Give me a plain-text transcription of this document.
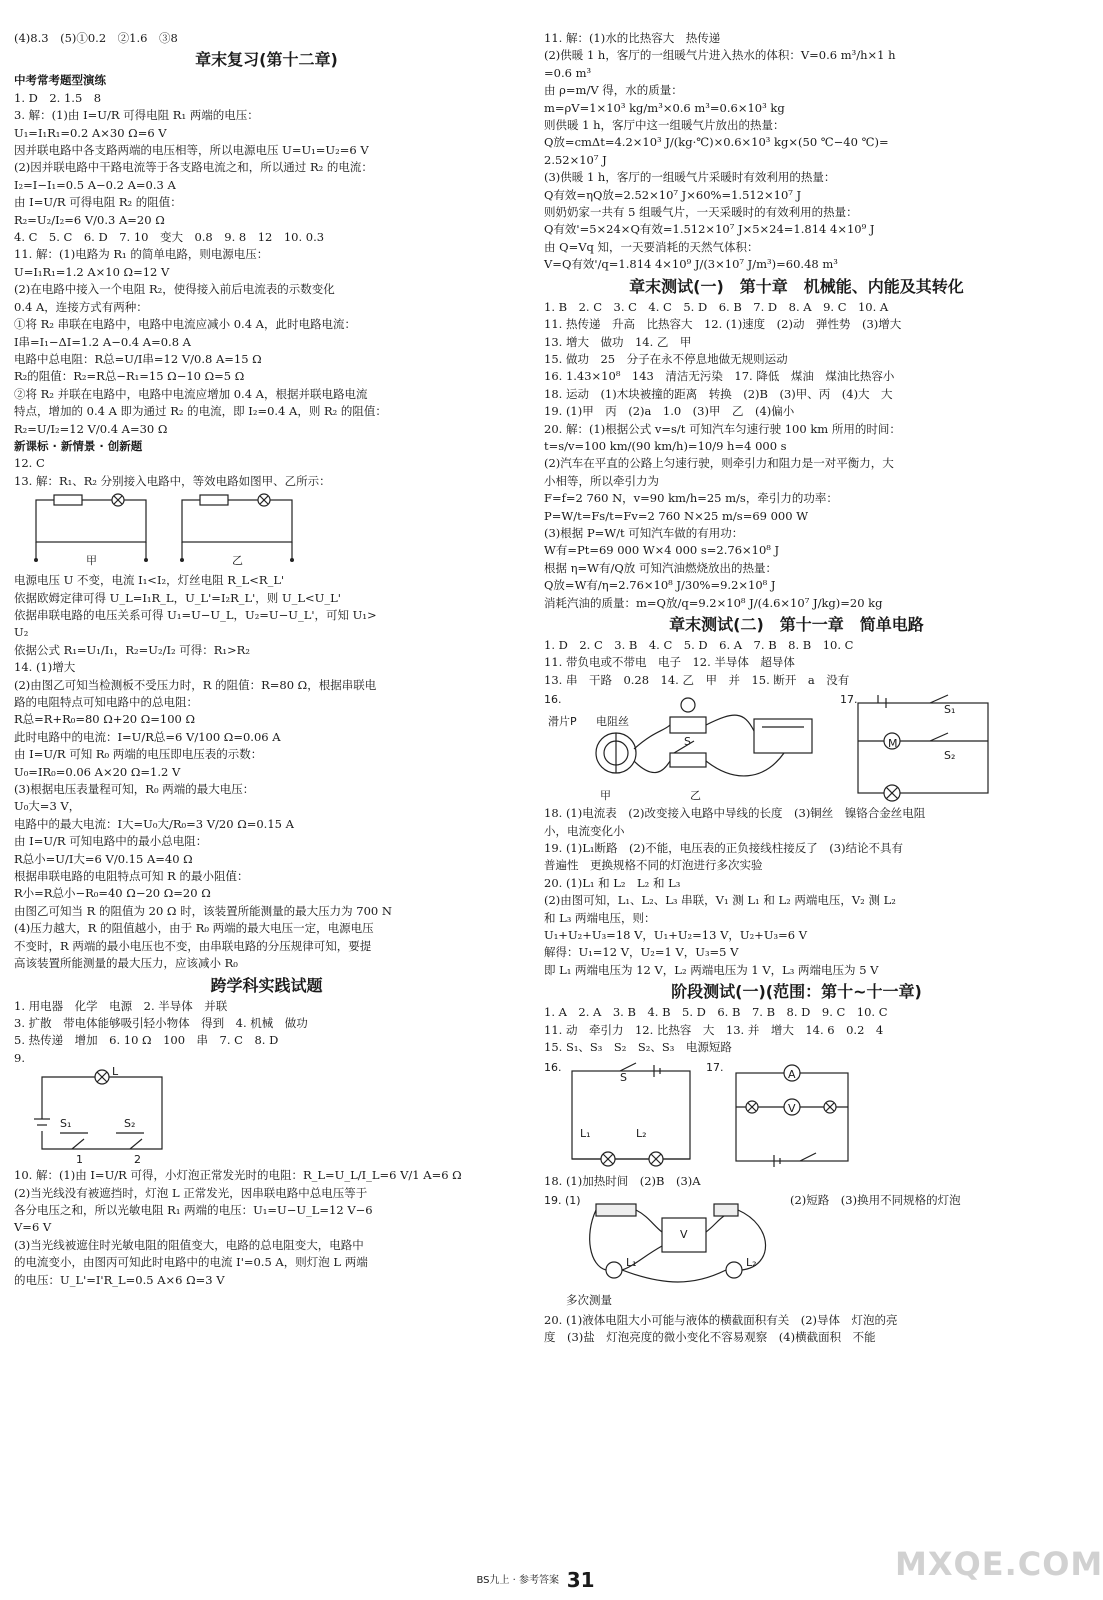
(4)8.3　(5)①0.2　②1.6　③8
章末复习(第十二章)
中考常考题型演练
1. D　2. 1.5　8
3. 解：(1)由 I=U/R 可得电阻 R₁ 两端的电压：
U₁=I₁R₁=0.2 A×30 Ω=6 V
因并联电路中各支路两端的电压相等，所以电源电压 U=U₁=U₂=6 V
(2)因并联电路中干路电流等于各支路电流之和，所以通过 R₂ 的电流：
I₂=I−I₁=0.5 A−0.2 A=0.3 A
由 I=U/R 可得电阻 R₂ 的阻值：
R₂=U₂/I₂=6 V/0.3 A=20 Ω
4. C　5. C　6. D　7. 10　变大　0.8　9. 8　12　10. 0.3
11. 解：(1)电路为 R₁ 的简单电路，则电源电压：
U=I₁R₁=1.2 A×10 Ω=12 V
(2)在电路中接入一个电阻 R₂，使得接入前后电流表的示数变化
0.4 A，连接方式有两种：
①将 R₂ 串联在电路中，电路中电流应减小 0.4 A，此时电路电流：
I串=I₁−ΔI=1.2 A−0.4 A=0.8 A
电路中总电阻：R总=U/I串=12 V/0.8 A=15 Ω
R₂的阻值：R₂=R总−R₁=15 Ω−10 Ω=5 Ω
②将 R₂ 并联在电路中，电路中电流应增加 0.4 A，根据并联电路电流
特点，增加的 0.4 A 即为通过 R₂ 的电流，即 I₂=0.4 A，则 R₂ 的阻值：
R₂=U/I₂=12 V/0.4 A=30 Ω
新课标 · 新情景 · 创新题
12. C
13. 解：R₁、R₂ 分别接入电路中，等效电路如图甲、乙所示：
甲	乙
电源电压 U 不变，电流 I₁<I₂，灯丝电阻 R_L<R_L'
依据欧姆定律可得 U_L=I₁R_L，U_L'=I₂R_L'，则 U_L<U_L'
依据串联电路的电压关系可得 U₁=U−U_L，U₂=U−U_L'，可知 U₁>
U₂
依据公式 R₁=U₁/I₁，R₂=U₂/I₂ 可得：R₁>R₂
14. (1)增大
(2)由图乙可知当检测板不受压力时，R 的阻值：R=80 Ω，根据串联电
路的电阻特点可知电路中的总电阻：
R总=R+R₀=80 Ω+20 Ω=100 Ω
此时电路中的电流：I=U/R总=6 V/100 Ω=0.06 A
由 I=U/R 可知 R₀ 两端的电压即电压表的示数：
U₀=IR₀=0.06 A×20 Ω=1.2 V
(3)根据电压表量程可知，R₀ 两端的最大电压：
U₀大=3 V，
电路中的最大电流：I大=U₀大/R₀=3 V/20 Ω=0.15 A
由 I=U/R 可知电路中的最小总电阻：
R总小=U/I大=6 V/0.15 A=40 Ω
根据串联电路的电阻特点可知 R 的最小阻值：
R小=R总小−R₀=40 Ω−20 Ω=20 Ω
由图乙可知当 R 的阻值为 20 Ω 时，该装置所能测量的最大压力为 700 N
(4)压力越大，R 的阻值越小，由于 R₀ 两端的最大电压一定，电源电压
不变时，R 两端的最小电压也不变，由串联电路的分压规律可知，要提
高该装置所能测量的最大压力，应该减小 R₀
跨学科实践试题
1. 用电器　化学　电源　2. 半导体　并联
3. 扩散　带电体能够吸引轻小物体　得到　4. 机械　做功
5. 热传递　增加　6. 10 Ω　100　串　7. C　8. D
9.
L
S₁	S₂
1	2
10. 解：(1)由 I=U/R 可得，小灯泡正常发光时的电阻：R_L=U_L/I_L=6 V/1 A=6 Ω
(2)当光线没有被遮挡时，灯泡 L 正常发光，因串联电路中总电压等于
各分电压之和，所以光敏电阻 R₁ 两端的电压：U₁=U−U_L=12 V−6
V=6 V
(3)当光线被遮住时光敏电阻的阻值变大，电路的总电阻变大，电路中
的电流变小，由图丙可知此时电路中的电流 I'=0.5 A，则灯泡 L 两端
的电压：U_L'=I'R_L=0.5 A×6 Ω=3 V
11. 解：(1)水的比热容大　热传递
(2)供暖 1 h，客厅的一组暖气片进入热水的体积：V=0.6 m³/h×1 h
=0.6 m³
由 ρ=m/V 得，水的质量：
m=ρV=1×10³ kg/m³×0.6 m³=0.6×10³ kg
则供暖 1 h，客厅中这一组暖气片放出的热量：
Q放=cmΔt=4.2×10³ J/(kg·℃)×0.6×10³ kg×(50 ℃−40 ℃)=
2.52×10⁷ J
(3)供暖 1 h，客厅的一组暖气片采暖时有效利用的热量：
Q有效=ηQ放=2.52×10⁷ J×60%=1.512×10⁷ J
则奶奶家一共有 5 组暖气片，一天采暖时的有效利用的热量：
Q有效'=5×24×Q有效=1.512×10⁷ J×5×24=1.814 4×10⁹ J
由 Q=Vq 知，一天要消耗的天然气体积：
V=Q有效'/q=1.814 4×10⁹ J/(3×10⁷ J/m³)=60.48 m³
章末测试(一)　第十章　机械能、内能及其转化
1. B　2. C　3. C　4. C　5. D　6. B　7. D　8. A　9. C　10. A
11. 热传递　升高　比热容大　12. (1)速度　(2)动　弹性势　(3)增大
13. 增大　做功　14. 乙　甲
15. 做功　25　分子在永不停息地做无规则运动
16. 1.43×10⁸　143　清洁无污染　17. 降低　煤油　煤油比热容小
18. 运动　(1)木块被撞的距离　转换　(2)B　(3)甲、丙　(4)大　大
19. (1)甲　丙　(2)a　1.0　(3)甲　乙　(4)偏小
20. 解：(1)根据公式 v=s/t 可知汽车匀速行驶 100 km 所用的时间：
t=s/v=100 km/(90 km/h)=10/9 h=4 000 s
(2)汽车在平直的公路上匀速行驶，则牵引力和阻力是一对平衡力，大
小相等，所以牵引力为
F=f=2 760 N，v=90 km/h=25 m/s，牵引力的功率：
P=W/t=Fs/t=Fv=2 760 N×25 m/s=69 000 W
(3)根据 P=W/t 可知汽车做的有用功：
W有=Pt=69 000 W×4 000 s=2.76×10⁸ J
根据 η=W有/Q放 可知汽油燃烧放出的热量：
Q放=W有/η=2.76×10⁸ J/30%=9.2×10⁸ J
消耗汽油的质量：m=Q放/q=9.2×10⁸ J/(4.6×10⁷ J/kg)=20 kg
章末测试(二)　第十一章　简单电路
1. D　2. C　3. B　4. C　5. D　6. A　7. B　8. B　10. C
11. 带负电或不带电　电子　12. 半导体　超导体
13. 串　干路　0.28　14. 乙　甲　并　15. 断开　a　没有
16.
滑片P 电阻丝
S
甲	乙
17.
M
S₁
S₂
18. (1)电流表　(2)改变接入电路中导线的长度　(3)铜丝　镍铬合金丝电阻
小，电流变化小
19. (1)L₁断路　(2)不能，电压表的正负接线柱接反了　(3)结论不具有
普遍性　更换规格不同的灯泡进行多次实验
20. (1)L₁ 和 L₂　L₂ 和 L₃
(2)由图可知，L₁、L₂、L₃ 串联，V₁ 测 L₁ 和 L₂ 两端电压，V₂ 测 L₂
和 L₃ 两端电压，则：
U₁+U₂+U₃=18 V，U₁+U₂=13 V，U₂+U₃=6 V
解得：U₁=12 V，U₂=1 V，U₃=5 V
即 L₁ 两端电压为 12 V，L₂ 两端电压为 1 V，L₃ 两端电压为 5 V
阶段测试(一)(范围：第十~十一章)
1. A　2. A　3. B　4. B　5. D　6. B　7. B　8. D　9. C　10. C
11. 动　牵引力　12. 比热容　大　13. 并　增大　14. 6　0.2　4
15. S₁、S₃　S₂　S₂、S₃　电源短路
16.
S
L₁	L₂
17.
A
V
18. (1)加热时间　(2)B　(3)A
19. (1)	(2)短路　(3)换用不同规格的灯泡
L₁	L₂
V
多次测量
20. (1)液体电阻大小可能与液体的横截面积有关　(2)导体　灯泡的亮
度　(3)盐　灯泡亮度的微小变化不容易观察　(4)横截面积　不能
BS九上 · 参考答案 31	MXQE.COM
